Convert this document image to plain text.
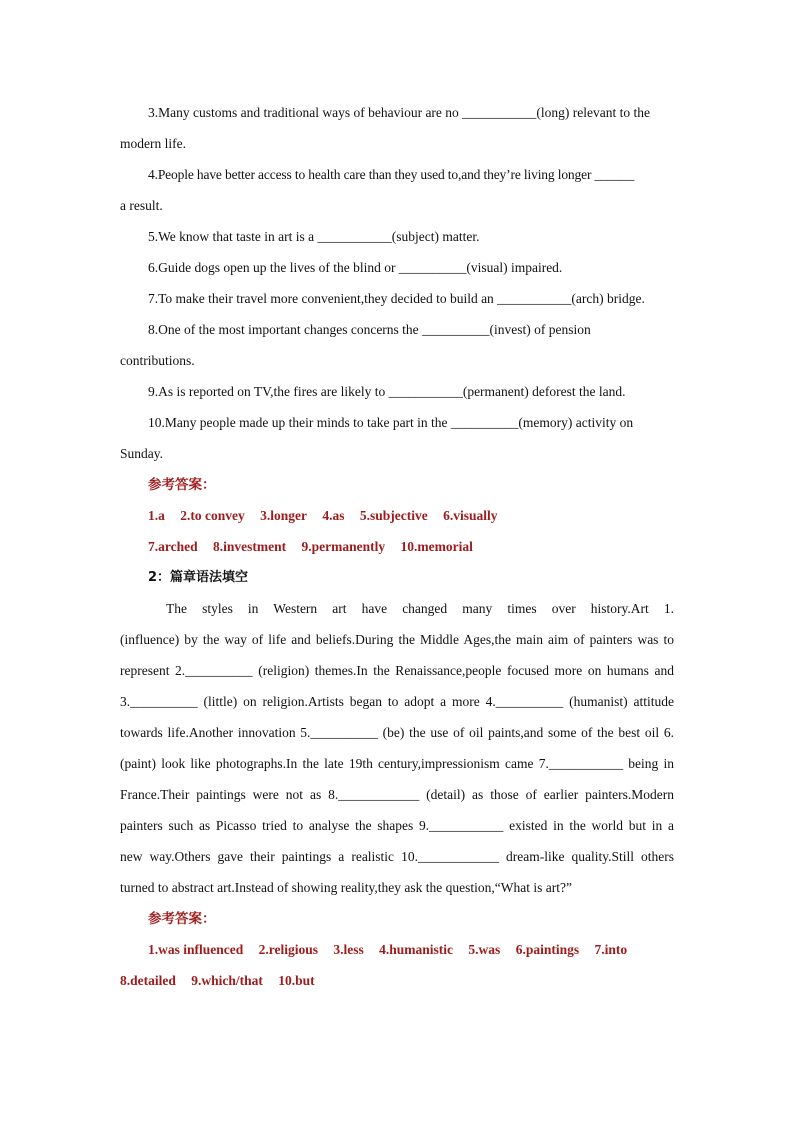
3.Many customs and traditional ways of behaviour are no ___________(long) relevant to the
modern life.
4.People have better access to health care than they used to,and they’re living longer ______
a result.
5.We know that taste in art is a ___________(subject) matter.
6.Guide dogs open up the lives of the blind or __________(visual) impaired.
7.To make their travel more convenient,they decided to build an ___________(arch) bridge.
8.One of the most important changes concerns the __________(invest) of pension
contributions.
9.As is reported on TV,the fires are likely to ___________(permanent) deforest the land.
10.Many people made up their minds to take part in the __________(memory) activity on
Sunday.
参考答案：
1.a 2.to convey 3.longer 4.as 5.subjective 6.visually
7.arched 8.investment 9.permanently 10.memorial
2：篇章语法填空
The styles in Western art have changed many times over history.Art 1.
(influence) by the way of life and beliefs.During the Middle Ages,the main aim of painters was to
represent 2.__________ (religion) themes.In the Renaissance,people focused more on humans and
3.__________ (little) on religion.Artists began to adopt a more 4.__________ (humanist) attitude
towards life.Another innovation 5.__________ (be) the use of oil paints,and some of the best oil 6.
(paint) look like photographs.In the late 19th century,impressionism came 7.___________ being in
France.Their paintings were not as 8.____________ (detail) as those of earlier painters.Modern
painters such as Picasso tried to analyse the shapes 9.___________ existed in the world but in a
new way.Others gave their paintings a realistic 10.____________ dream-like quality.Still others
turned to abstract art.Instead of showing reality,they ask the question,“What is art?”
参考答案：
1.was influenced 2.religious 3.less 4.humanistic 5.was 6.paintings 7.into
8.detailed 9.which/that 10.but
